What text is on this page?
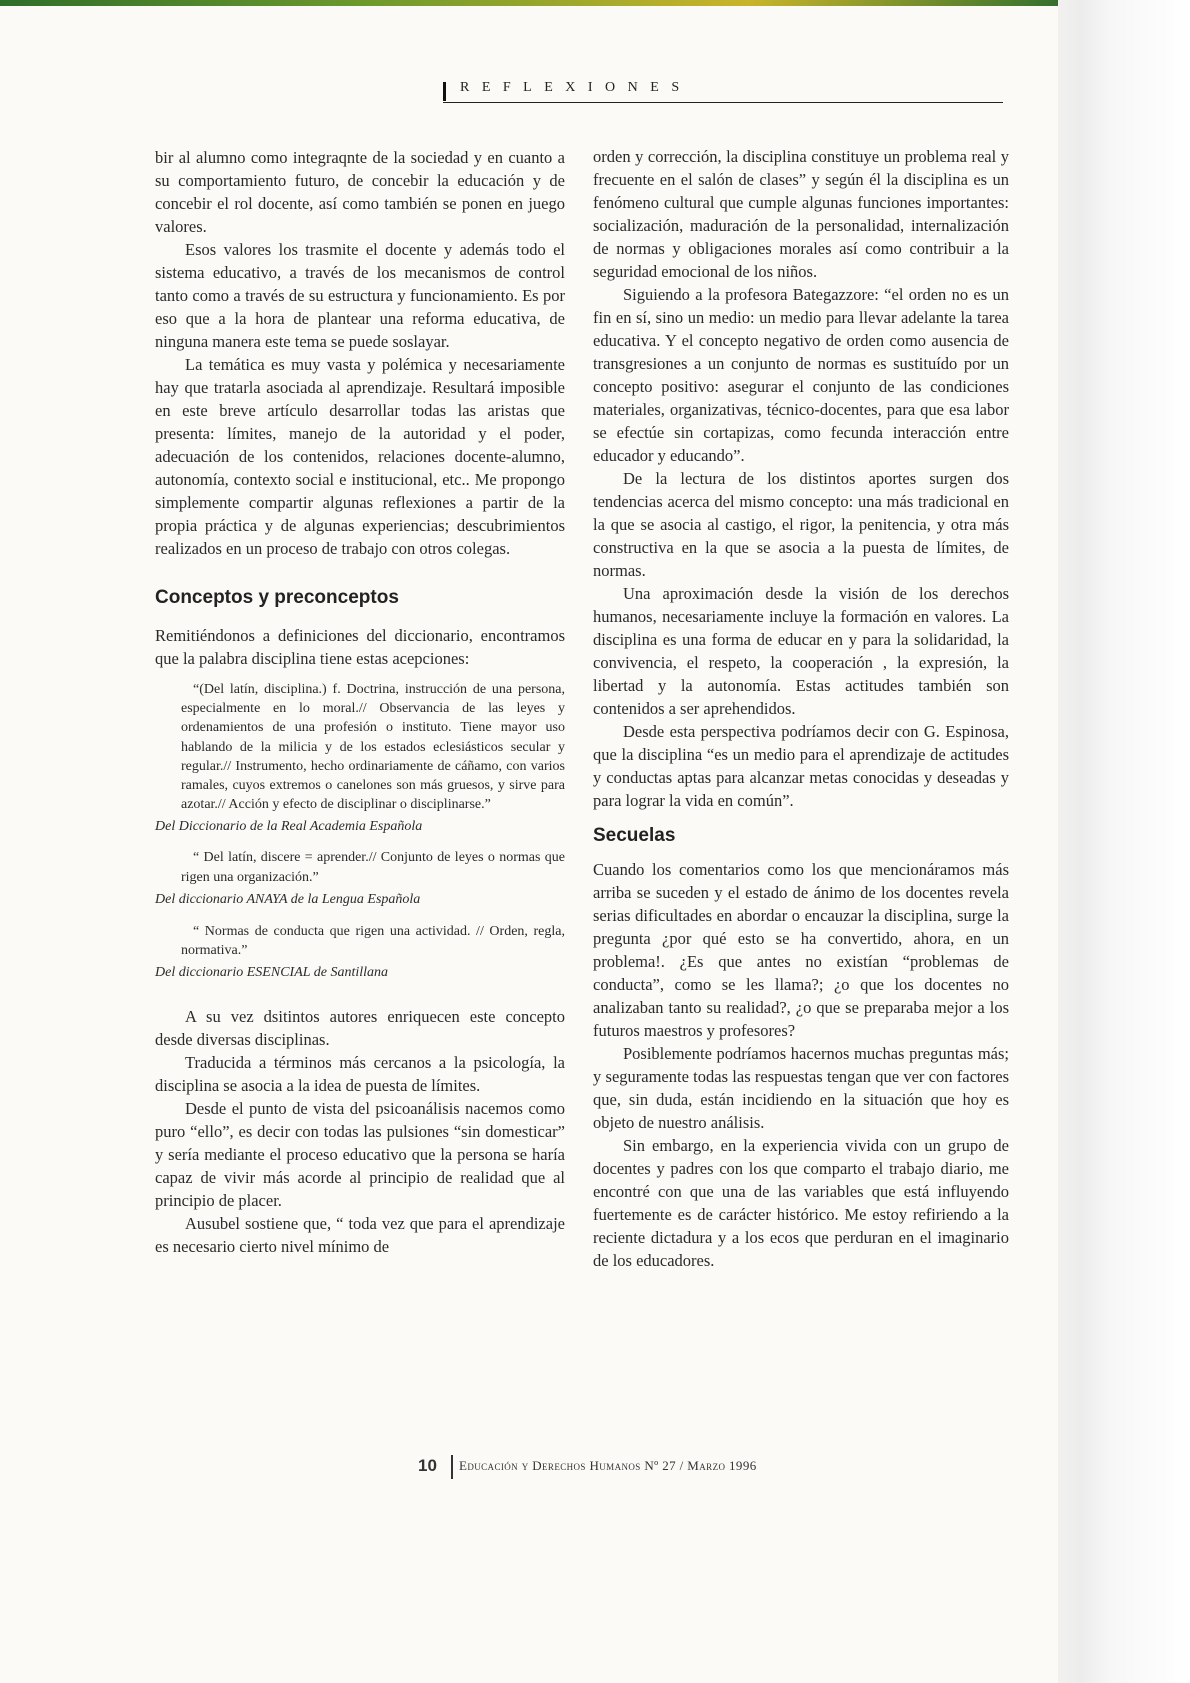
REFLEXIONES

bir al alumno como integraqnte de la sociedad y en cuanto a su comportamiento futuro, de concebir la educación y de concebir el rol docente, así como también se ponen en juego valores.

Esos valores los trasmite el docente y además todo el sistema educativo, a través de los mecanismos de control tanto como a través de su estructura y funcionamiento. Es por eso que a la hora de plantear una reforma educativa, de ninguna manera este tema se puede soslayar.

La temática es muy vasta y polémica y necesariamente hay que tratarla asociada al aprendizaje. Resultará imposible en este breve artículo desarrollar todas las aristas que presenta: límites, manejo de la autoridad y el poder, adecuación de los contenidos, relaciones docente-alumno, autonomía, contexto social e institucional, etc.. Me propongo simplemente compartir algunas reflexiones a partir de la propia práctica y de algunas experiencias; descubrimientos realizados en un proceso de trabajo con otros colegas.

Conceptos y preconceptos

Remitiéndonos a definiciones del diccionario, encontramos que la palabra disciplina tiene estas acepciones:

“(Del latín, disciplina.) f. Doctrina, instrucción de una persona, especialmente en lo moral.// Observancia de las leyes y ordenamientos de una profesión o instituto. Tiene mayor uso hablando de la milicia y de los estados eclesiásticos secular y regular.// Instrumento, hecho ordinariamente de cáñamo, con varios ramales, cuyos extremos o canelones son más gruesos, y sirve para azotar.// Acción y efecto de disciplinar o disciplinarse.”

Del Diccionario de la Real Academia Española

“ Del latín, discere = aprender.// Conjunto de leyes o normas que rigen una organización.”

Del diccionario ANAYA de la Lengua Española

“ Normas de conducta que rigen una actividad. // Orden, regla, normativa.”

Del diccionario ESENCIAL de Santillana

A su vez dsitintos autores enriquecen este concepto desde diversas disciplinas.

Traducida a términos más cercanos a la psicología, la disciplina se asocia a la idea de puesta de límites.

Desde el punto de vista del psicoanálisis nacemos como puro “ello”, es decir con todas las pulsiones “sin domesticar” y sería mediante el proceso educativo que la persona se haría capaz de vivir más acorde al principio de realidad que al principio de placer.

Ausubel sostiene que, “ toda vez que para el aprendizaje es necesario cierto nivel mínimo de

orden y corrección, la disciplina constituye un problema real y frecuente en el salón de clases” y según él la disciplina es un fenómeno cultural que cumple algunas funciones importantes: socialización, maduración de la personalidad, internalización de normas y obligaciones morales así como contribuir a la seguridad emocional de los niños.

Siguiendo a la profesora Bategazzore: “el orden no es un fin en sí, sino un medio: un medio para llevar adelante la tarea educativa. Y el concepto negativo de orden como ausencia de transgresiones a un conjunto de normas es sustituído por un concepto positivo: asegurar el conjunto de las condiciones materiales, organizativas, técnico-docentes, para que esa labor se efectúe sin cortapizas, como fecunda interacción entre educador y educando”.

De la lectura de los distintos aportes surgen dos tendencias acerca del mismo concepto: una más tradicional en la que se asocia al castigo, el rigor, la penitencia, y otra más constructiva en la que se asocia a la puesta de límites, de normas.

Una aproximación desde la visión de los derechos humanos, necesariamente incluye la formación en valores. La disciplina es una forma de educar en y para la solidaridad, la convivencia, el respeto, la cooperación , la expresión, la libertad y la autonomía. Estas actitudes también son contenidos a ser aprehendidos.

Desde esta perspectiva podríamos decir con G. Espinosa, que la disciplina “es un medio para el aprendizaje de actitudes y conductas aptas para alcanzar metas conocidas y deseadas y para lograr la vida en común”.

Secuelas

Cuando los comentarios como los que mencionáramos más arriba se suceden y el estado de ánimo de los docentes revela serias dificultades en abordar o encauzar la disciplina, surge la pregunta ¿por qué esto se ha convertido, ahora, en un problema!. ¿Es que antes no existían “problemas de conducta”, como se les llama?; ¿o que los docentes no analizaban tanto su realidad?, ¿o que se preparaba mejor a los futuros maestros y profesores?

Posiblemente podríamos hacernos muchas preguntas más; y seguramente todas las respuestas tengan que ver con factores que, sin duda, están incidiendo en la situación que hoy es objeto de nuestro análisis.

Sin embargo, en la experiencia vivida con un grupo de docentes y padres con los que comparto el trabajo diario, me encontré con que una de las variables que está influyendo fuertemente es de carácter histórico. Me estoy refiriendo a la reciente dictadura y a los ecos que perduran en el imaginario de los educadores.

10 Educación y Derechos Humanos Nº 27 / Marzo 1996
